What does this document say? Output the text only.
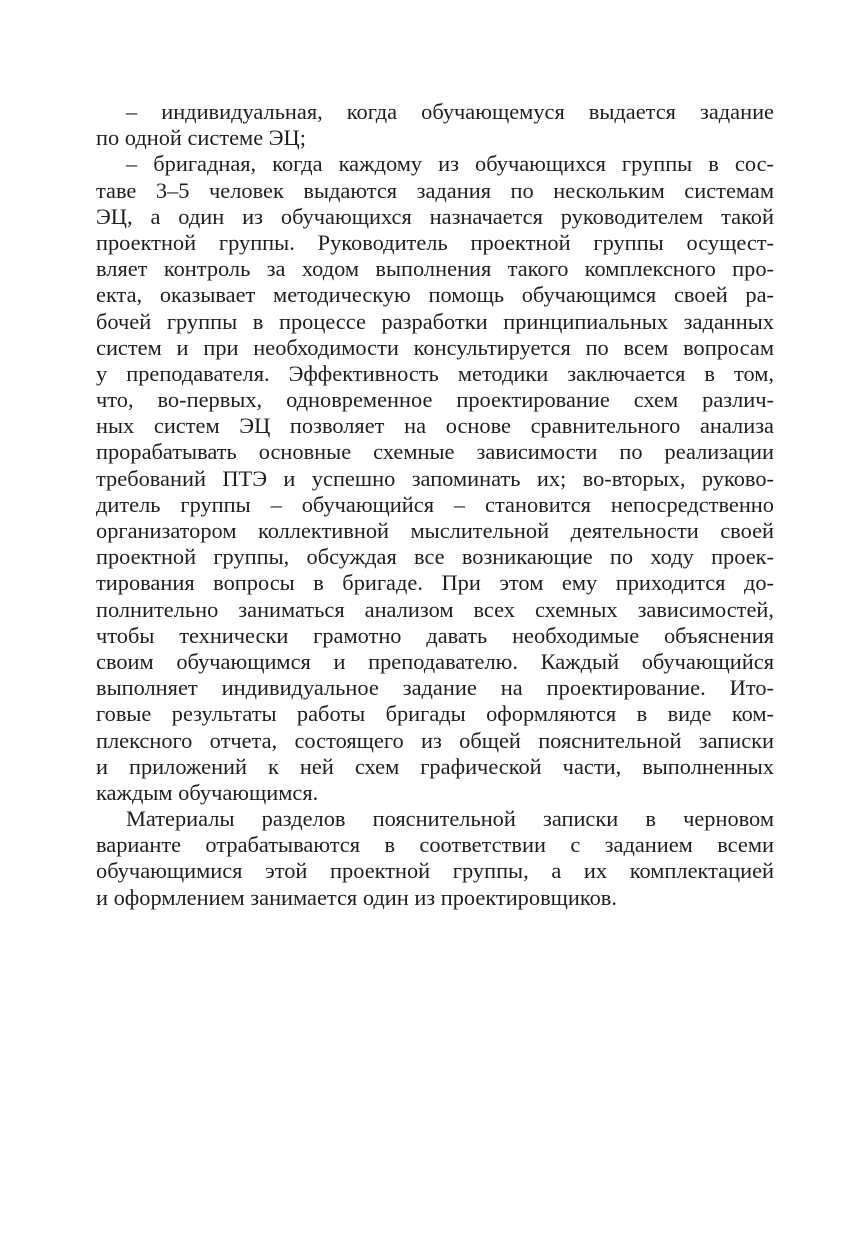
– индивидуальная, когда обучающемуся выдается задание
по одной системе ЭЦ;
– бригадная, когда каждому из обучающихся группы в сос-
таве 3–5 человек выдаются задания по нескольким системам
ЭЦ, а один из обучающихся назначается руководителем такой
проектной группы. Руководитель проектной группы осущест-
вляет контроль за ходом выполнения такого комплексного про-
екта, оказывает методическую помощь обучающимся своей ра-
бочей группы в процессе разработки принципиальных заданных
систем и при необходимости консультируется по всем вопросам
у преподавателя. Эффективность методики заключается в том,
что, во-первых, одновременное проектирование схем различ-
ных систем ЭЦ позволяет на основе сравнительного анализа
прорабатывать основные схемные зависимости по реализации
требований ПТЭ и успешно запоминать их; во-вторых, руково-
дитель группы – обучающийся – становится непосредственно
организатором коллективной мыслительной деятельности своей
проектной группы, обсуждая все возникающие по ходу проек-
тирования вопросы в бригаде. При этом ему приходится до-
полнительно заниматься анализом всех схемных зависимостей,
чтобы технически грамотно давать необходимые объяснения
своим обучающимся и преподавателю. Каждый обучающийся
выполняет индивидуальное задание на проектирование. Ито-
говые результаты работы бригады оформляются в виде ком-
плексного отчета, состоящего из общей пояснительной записки
и приложений к ней схем графической части, выполненных
каждым обучающимся.
Материалы разделов пояснительной записки в черновом
варианте отрабатываются в соответствии с заданием всеми
обучающимися этой проектной группы, а их комплектацией
и оформлением занимается один из проектировщиков.
